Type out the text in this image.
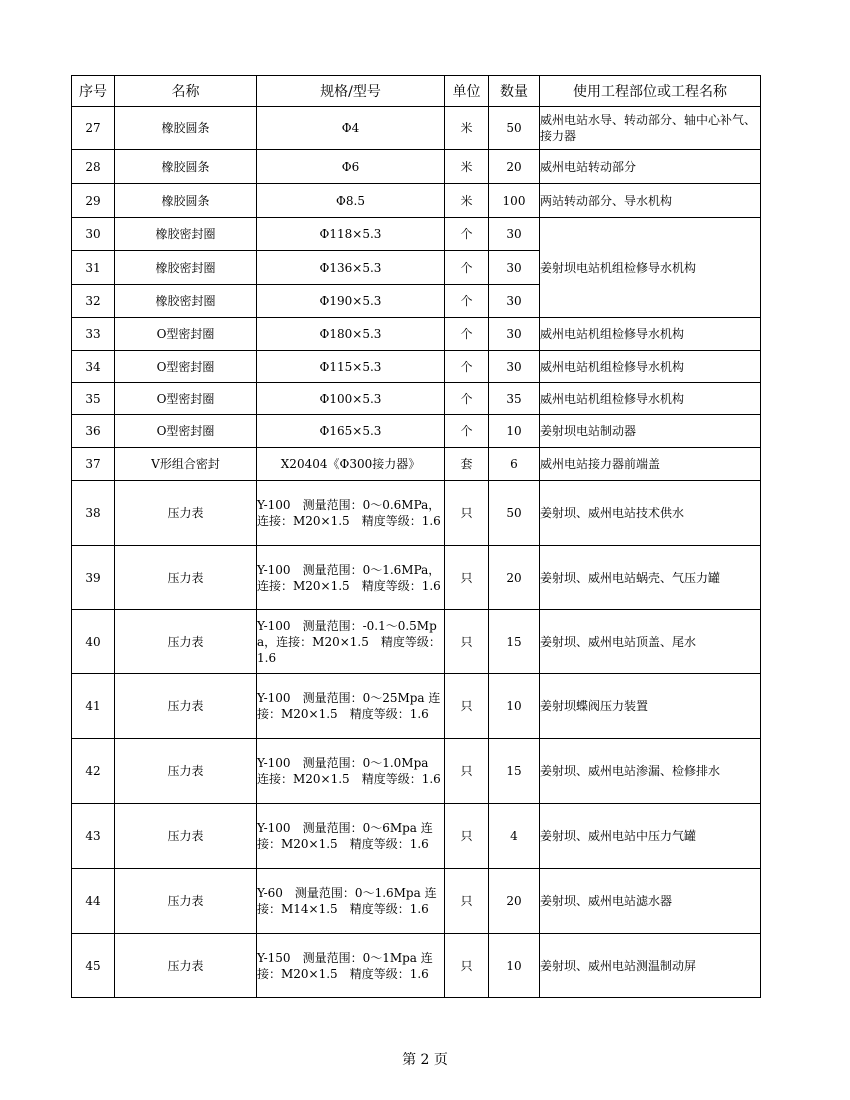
序号	名称	规格/型号	单位	数量	使用工程部位或工程名称
27	橡胶圆条	Φ4	米	50	威州电站水导、转动部分、轴中心补气、接力器
28	橡胶圆条	Φ6	米	20	威州电站转动部分
29	橡胶圆条	Φ8.5	米	100	两站转动部分、导水机构
30	橡胶密封圈	Φ118×5.3	个	30	姜射坝电站机组检修导水机构
31	橡胶密封圈	Φ136×5.3	个	30	
32	橡胶密封圈	Φ190×5.3	个	30	
33	O型密封圈	Φ180×5.3	个	30	威州电站机组检修导水机构
34	O型密封圈	Φ115×5.3	个	30	威州电站机组检修导水机构
35	O型密封圈	Φ100×5.3	个	35	威州电站机组检修导水机构
36	O型密封圈	Φ165×5.3	个	10	姜射坝电站制动器
37	V形组合密封	X20404《Φ300接力器》	套	6	威州电站接力器前端盖
38	压力表	Y-100　测量范围：0～0.6MPa，连接：M20×1.5　精度等级：1.6	只	50	姜射坝、威州电站技术供水
39	压力表	Y-100　测量范围：0～1.6MPa，连接：M20×1.5　精度等级：1.6	只	20	姜射坝、威州电站蜗壳、气压力罐
40	压力表	Y-100　测量范围：-0.1～0.5Mpa，连接：M20×1.5　精度等级：1.6	只	15	姜射坝、威州电站顶盖、尾水
41	压力表	Y-100　测量范围：0～25Mpa 连接：M20×1.5　精度等级：1.6	只	10	姜射坝蝶阀压力装置
42	压力表	Y-100　测量范围：0～1.0Mpa　连接：M20×1.5　精度等级：1.6	只	15	姜射坝、威州电站渗漏、检修排水
43	压力表	Y-100　测量范围：0～6Mpa 连接：M20×1.5　精度等级：1.6	只	4	姜射坝、威州电站中压力气罐
44	压力表	Y-60　测量范围：0～1.6Mpa 连接：M14×1.5　精度等级：1.6	只	20	姜射坝、威州电站滤水器
45	压力表	Y-150　测量范围：0～1Mpa 连接：M20×1.5　精度等级：1.6	只	10	姜射坝、威州电站测温制动屏
第 2 页
